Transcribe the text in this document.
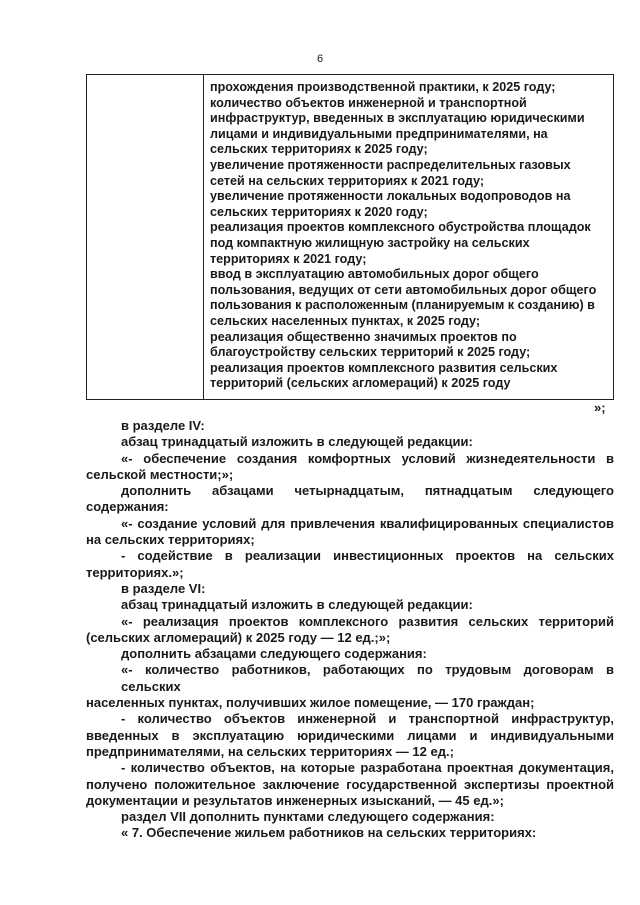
6
прохождения производственной практики, к 2025 году;
количество объектов инженерной и транспортной
инфраструктур, введенных в эксплуатацию юридическими
лицами и индивидуальными предпринимателями, на
сельских территориях к 2025 году;
увеличение протяженности распределительных газовых
сетей на сельских территориях к 2021 году;
увеличение протяженности локальных водопроводов на
сельских территориях к 2020 году;
реализация проектов комплексного обустройства площадок
под компактную жилищную застройку на сельских
территориях к 2021 году;
ввод в эксплуатацию автомобильных дорог общего
пользования, ведущих от сети автомобильных дорог общего
пользования к расположенным (планируемым к созданию) в
сельских населенных пунктах, к 2025 году;
реализация общественно значимых проектов по
благоустройству сельских территорий к 2025 году;
реализация проектов комплексного развития сельских
территорий (сельских агломераций) к 2025 году
»;
в разделе IV:
абзац тринадцатый изложить в следующей редакции:
«- обеспечение создания комфортных условий жизнедеятельности в
сельской местности;»;
дополнить абзацами четырнадцатым, пятнадцатым следующего
содержания:
«- создание условий для привлечения квалифицированных специалистов
на сельских территориях;
- содействие в реализации инвестиционных проектов на сельских
территориях.»;
в разделе VI:
абзац тринадцатый изложить в следующей редакции:
«- реализация проектов комплексного развития сельских территорий
(сельских агломераций) к 2025 году — 12 ед.;»;
дополнить абзацами следующего содержания:
«- количество работников, работающих по трудовым договорам в сельских
населенных пунктах, получивших жилое помещение, — 170 граждан;
- количество объектов инженерной и транспортной инфраструктур,
введенных в эксплуатацию юридическими лицами и индивидуальными
предпринимателями, на сельских территориях — 12 ед.;
- количество объектов, на которые разработана проектная документация,
получено положительное заключение государственной экспертизы проектной
документации и результатов инженерных изысканий, — 45 ед.»;
раздел VII дополнить пунктами следующего содержания:
« 7. Обеспечение жильем работников на сельских территориях:
